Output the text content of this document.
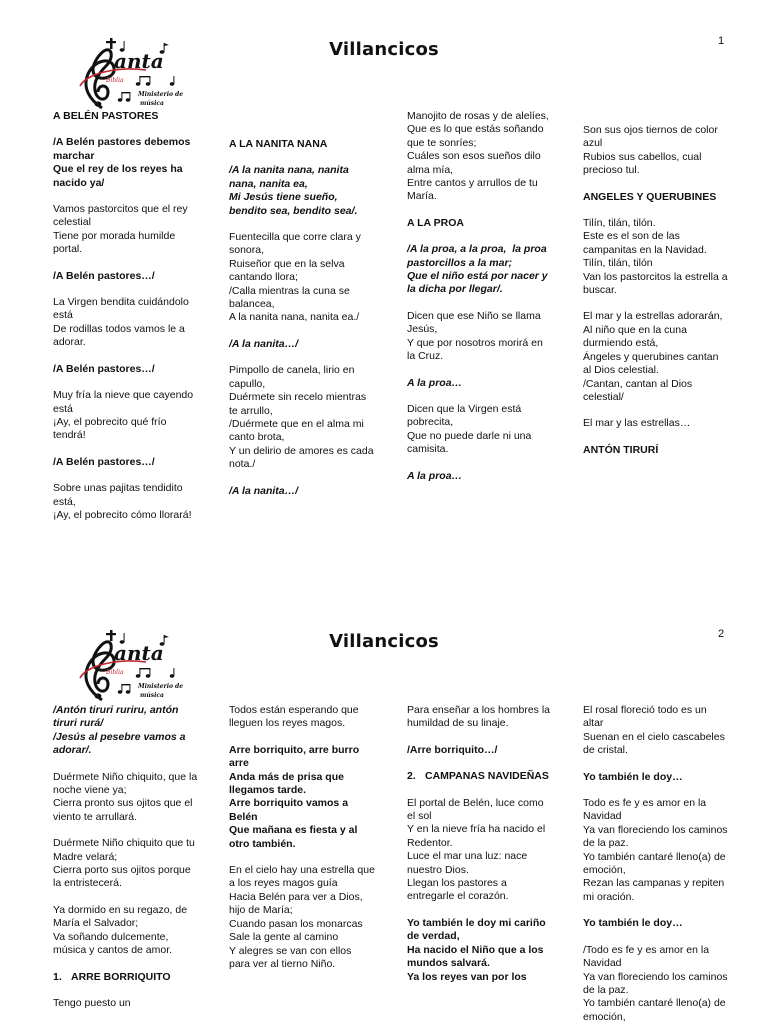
anta
Biblia
Ministerio de
música
Villancicos	1
A BELÉN PASTORES
/A Belén pastores debemos marchar
Que el rey de los reyes ha nacido ya/
Vamos pastorcitos que el rey celestial
Tiene por morada humilde portal.
/A Belén pastores…/
La Virgen bendita cuidándolo está
De rodillas todos vamos le a adorar.
/A Belén pastores…/
Muy fría la nieve que cayendo está
¡Ay, el pobrecito qué frío tendrá!
/A Belén pastores…/
Sobre unas pajitas tendidito está,
¡Ay, el pobrecito cómo llorará!
A LA NANITA NANA
/A la nanita nana, nanita nana, nanita ea,
Mi Jesús tiene sueño, bendito sea, bendito sea/.
Fuentecilla que corre clara y sonora,
Ruiseñor que en la selva cantando llora;
/Calla mientras la cuna se balancea,
A la nanita nana, nanita ea./
/A la nanita…/
Pimpollo de canela, lirio en capullo,
Duérmete sin recelo mientras te arrullo,
/Duérmete que en el alma mi canto brota,
Y un delirio de amores es cada nota./
/A la nanita…/
Manojito de rosas y de alelíes,
Que es lo que estás soñando que te sonríes;
Cuáles son esos sueños dilo alma mía,
Entre cantos y arrullos de tu María.
A LA PROA
/A la proa, a la proa,  la proa pastorcillos a la mar;
Que el niño está por nacer y la dicha por llegar/.
Dicen que ese Niño se llama Jesús,
Y que por nosotros morirá en la Cruz.
A la proa…
Dicen que la Virgen está pobrecita,
Que no puede darle ni una camisita.
A la proa…
Son sus ojos tiernos de color azul
Rubios sus cabellos, cual precioso tul.
ANGELES Y QUERUBINES
Tilín, tilán, tilón.
Este es el son de las campanitas en la Navidad.
Tilín, tilán, tilón
Van los pastorcitos la estrella a buscar.
El mar y la estrellas adorarán,
Al niño que en la cuna durmiendo está,
Ángeles y querubines cantan al Dios celestial.
/Cantan, cantan al Dios celestial/
El mar y las estrellas…
ANTÓN TIRURÍ
anta
Biblia
Ministerio de
música
Villancicos	2
/Antón tiruri ruriru, antón tiruri rurá/
/Jesús al pesebre vamos a adorar/.
Duérmete Niño chiquito, que la noche viene ya;
Cierra pronto sus ojitos que el viento te arrullará.
Duérmete Niño chiquito que tu Madre velará;
Cierra porto sus ojitos porque la entristecerá.
Ya dormido en su regazo, de María el Salvador;
Va soñando dulcemente, música y cantos de amor.
1. ARRE BORRIQUITO
Tengo puesto un
Todos están esperando que lleguen los reyes magos.
Arre borriquito, arre burro arre
Anda más de prisa que llegamos tarde.
Arre borriquito vamos a Belén
Que mañana es fiesta y al otro también.
En el cielo hay una estrella que a los reyes magos guía
Hacia Belén para ver a Dios, hijo de María;
Cuando pasan los monarcas
Sale la gente al camino
Y alegres se van con ellos para ver al tierno Niño.
Para enseñar a los hombres la humildad de su linaje.
/Arre borriquito…/
2. CAMPANAS NAVIDEÑAS
El portal de Belén, luce como el sol
Y en la nieve fría ha nacido el Redentor.
Luce el mar una luz: nace nuestro Dios.
Llegan los pastores a entregarle el corazón.
Yo también le doy mi cariño de verdad,
Ha nacido el Niño que a los mundos salvará.
Ya los reyes van por los
El rosal floreció todo es un altar
Suenan en el cielo cascabeles de cristal.
Yo también le doy…
Todo es fe y es amor en la Navidad
Ya van floreciendo los caminos de la paz.
Yo también cantaré lleno(a) de emoción,
Rezan las campanas y repiten mi oración.
Yo también le doy…
/Todo es fe y es amor en la Navidad
Ya van floreciendo los caminos de la paz.
Yo también cantaré lleno(a) de emoción,
